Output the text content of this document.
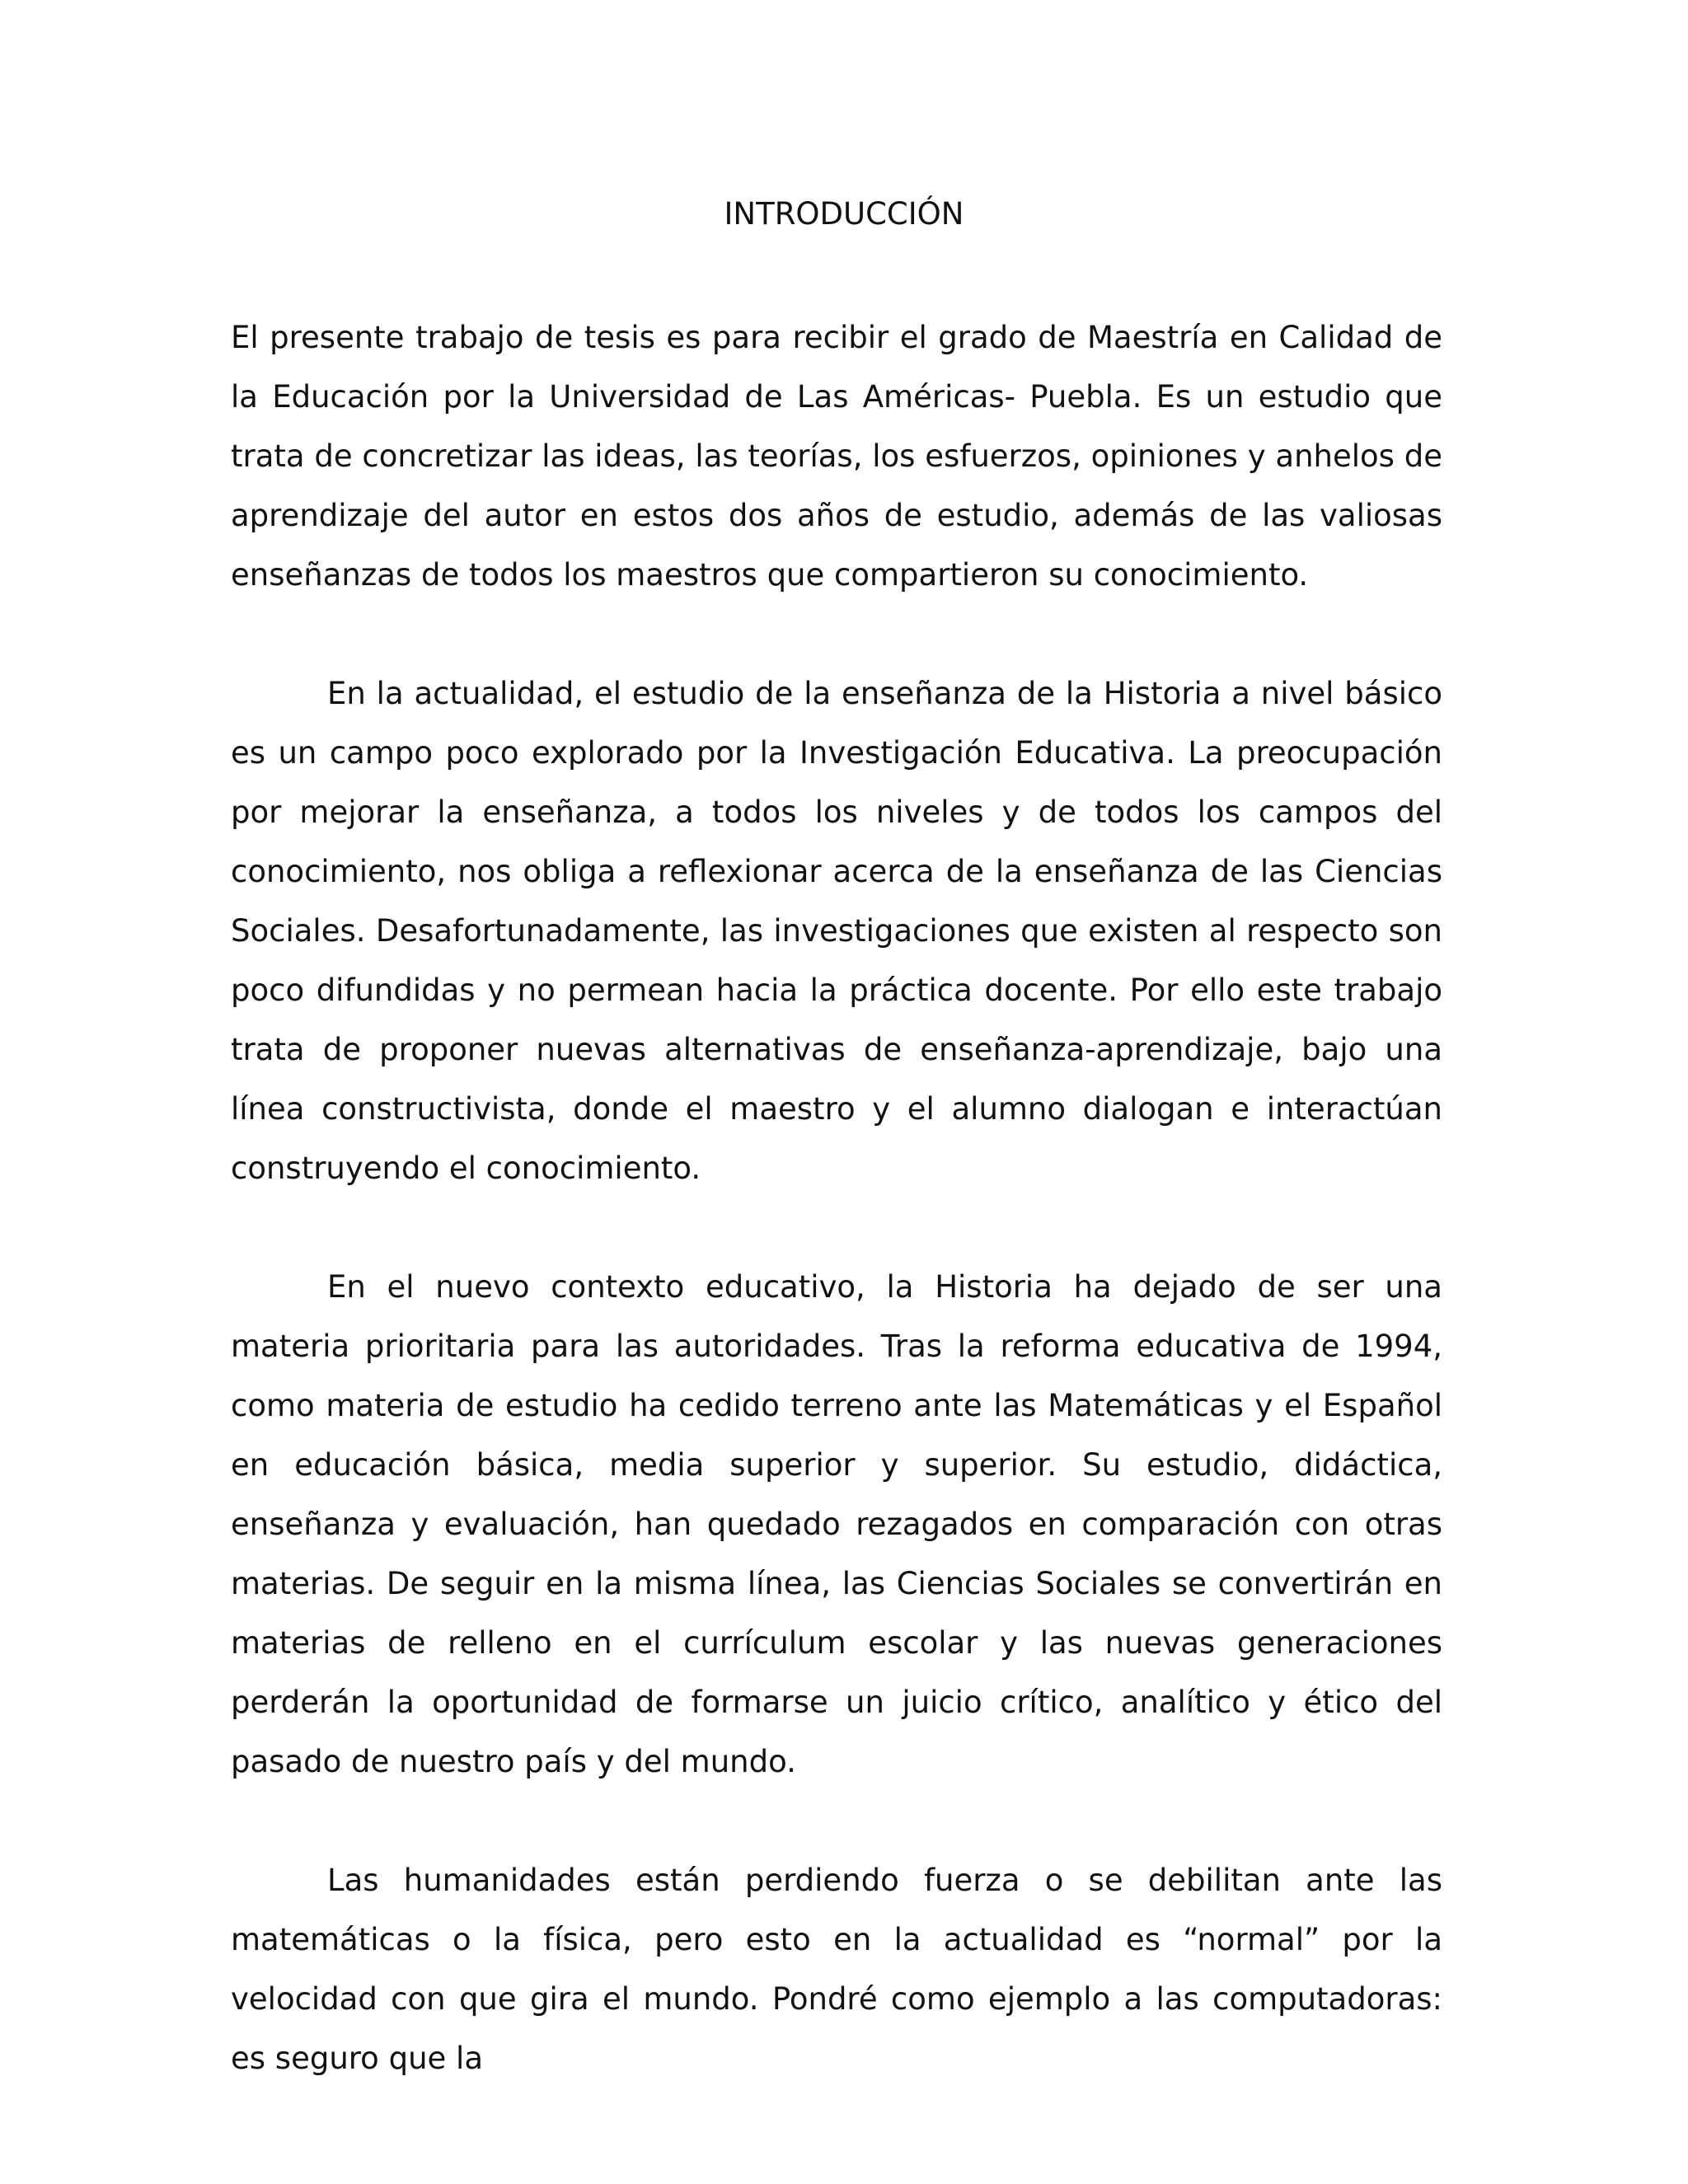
INTRODUCCIÓN

El presente trabajo de tesis es para recibir el grado de Maestría en Calidad de la Educación por la Universidad de Las Américas- Puebla. Es un estudio que trata de concretizar las ideas, las teorías, los esfuerzos, opiniones y anhelos de aprendizaje del autor en estos dos años de estudio, además de las valiosas enseñanzas de todos los maestros que compartieron su conocimiento.

En la actualidad, el estudio de la enseñanza de la Historia a nivel básico es un campo poco explorado por la Investigación Educativa. La preocupación por mejorar la enseñanza, a todos los niveles y de todos los campos del conocimiento, nos obliga a reflexionar acerca de la enseñanza de las Ciencias Sociales. Desafortunadamente, las investigaciones que existen al respecto son poco difundidas y no permean hacia la práctica docente. Por ello este trabajo trata de proponer nuevas alternativas de enseñanza-aprendizaje, bajo una línea constructivista, donde el maestro y el alumno dialogan e interactúan construyendo el conocimiento.

En el nuevo contexto educativo, la Historia ha dejado de ser una materia prioritaria para las autoridades. Tras la reforma educativa de 1994, como materia de estudio ha cedido terreno ante las Matemáticas y el Español en educación básica, media superior y superior. Su estudio, didáctica, enseñanza y evaluación, han quedado rezagados en comparación con otras materias. De seguir en la misma línea, las Ciencias Sociales se convertirán en materias de relleno en el currículum escolar y las nuevas generaciones perderán la oportunidad de formarse un juicio crítico, analítico y ético del pasado de nuestro país y del mundo.

Las humanidades están perdiendo fuerza o se debilitan ante las matemáticas o la física, pero esto en la actualidad es “normal” por la velocidad con que gira el mundo. Pondré como ejemplo a las computadoras: es seguro que la
